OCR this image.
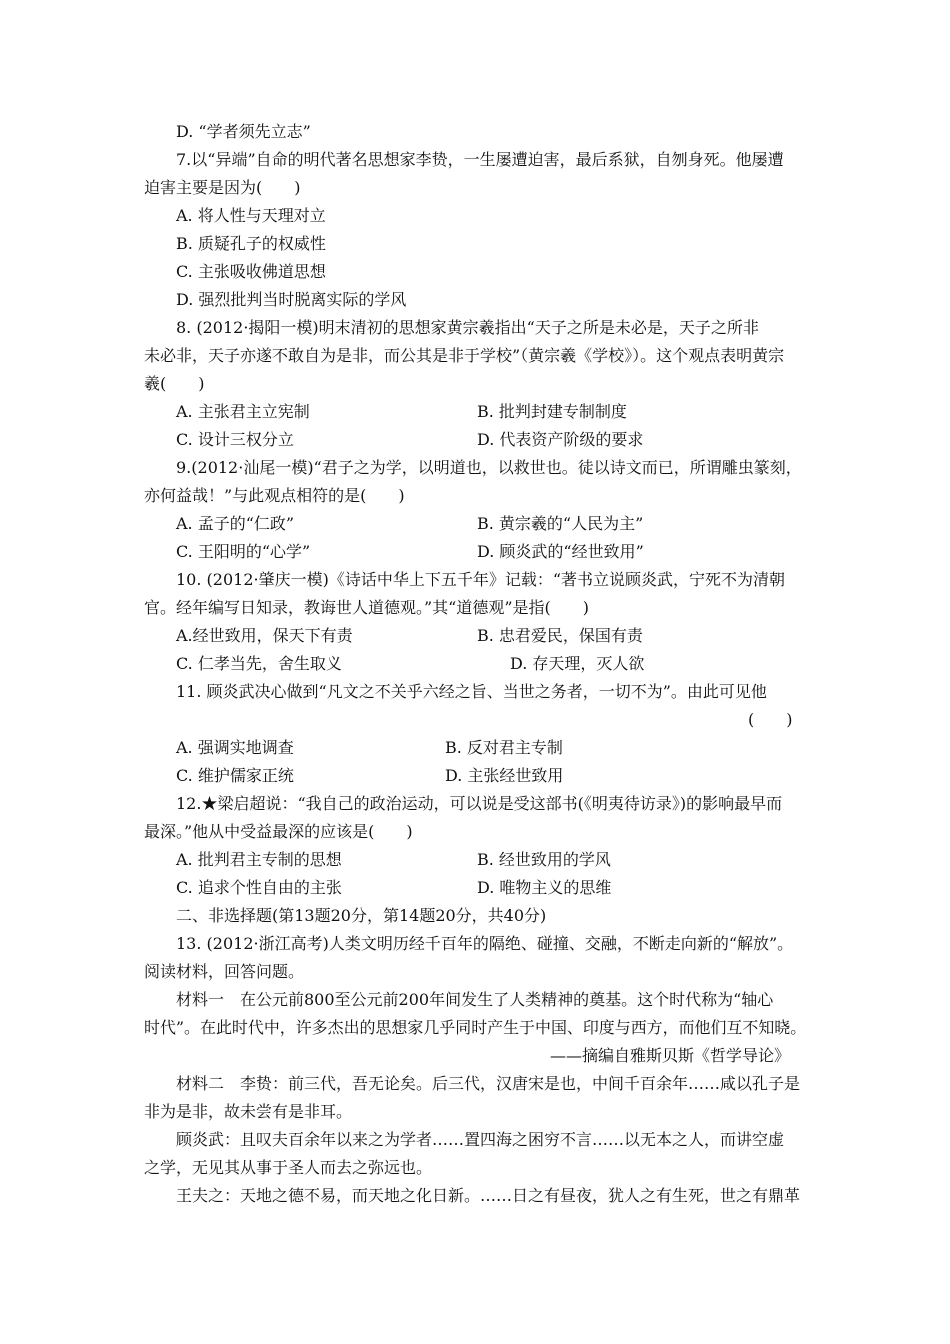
D. “学者须先立志”
7.以“异端”自命的明代著名思想家李贽，一生屡遭迫害，最后系狱，自刎身死。他屡遭
迫害主要是因为(　　)
A. 将人性与天理对立
B. 质疑孔子的权威性
C. 主张吸收佛道思想
D. 强烈批判当时脱离实际的学风
8. (2012·揭阳一模)明末清初的思想家黄宗羲指出“天子之所是未必是，天子之所非
未必非，天子亦遂不敢自为是非，而公其是非于学校”（黄宗羲《学校》）。这个观点表明黄宗
羲(　　)
A. 主张君主立宪制	B. 批判封建专制制度
C. 设计三权分立	D. 代表资产阶级的要求
9.(2012·汕尾一模)“君子之为学，以明道也，以救世也。徒以诗文而已，所谓雕虫篆刻，
亦何益哉！”与此观点相符的是(　　)
A. 孟子的“仁政”	B. 黄宗羲的“人民为主”
C. 王阳明的“心学”	D. 顾炎武的“经世致用”
10. (2012·肇庆一模)《诗话中华上下五千年》记载：“著书立说顾炎武，宁死不为清朝
官。经年编写日知录，教诲世人道德观。”其“道德观”是指(　　)
A.经世致用，保天下有责	B. 忠君爱民，保国有责
C. 仁孝当先，舍生取义	D. 存天理，灭人欲
11. 顾炎武决心做到“凡文之不关乎六经之旨、当世之务者，一切不为”。由此可见他
(　　)
A. 强调实地调查	B. 反对君主专制
C. 维护儒家正统	D. 主张经世致用
12.★梁启超说：“我自己的政治运动，可以说是受这部书(《明夷待访录》)的影响最早而
最深。”他从中受益最深的应该是(　　)
A. 批判君主专制的思想	B. 经世致用的学风
C. 追求个性自由的主张	D. 唯物主义的思维
二、非选择题(第13题20分，第14题20分，共40分)
13. (2012·浙江高考)人类文明历经千百年的隔绝、碰撞、交融，不断走向新的“解放”。
阅读材料，回答问题。
材料一　在公元前800至公元前200年间发生了人类精神的奠基。这个时代称为“轴心
时代”。在此时代中，许多杰出的思想家几乎同时产生于中国、印度与西方，而他们互不知晓。
——摘编自雅斯贝斯《哲学导论》
材料二　李贽：前三代，吾无论矣。后三代，汉唐宋是也，中间千百余年……咸以孔子是
非为是非，故未尝有是非耳。
顾炎武：且叹夫百余年以来之为学者……置四海之困穷不言……以无本之人，而讲空虚
之学，无见其从事于圣人而去之弥远也。
王夫之：天地之德不易，而天地之化日新。……日之有昼夜，犹人之有生死，世之有鼎革
